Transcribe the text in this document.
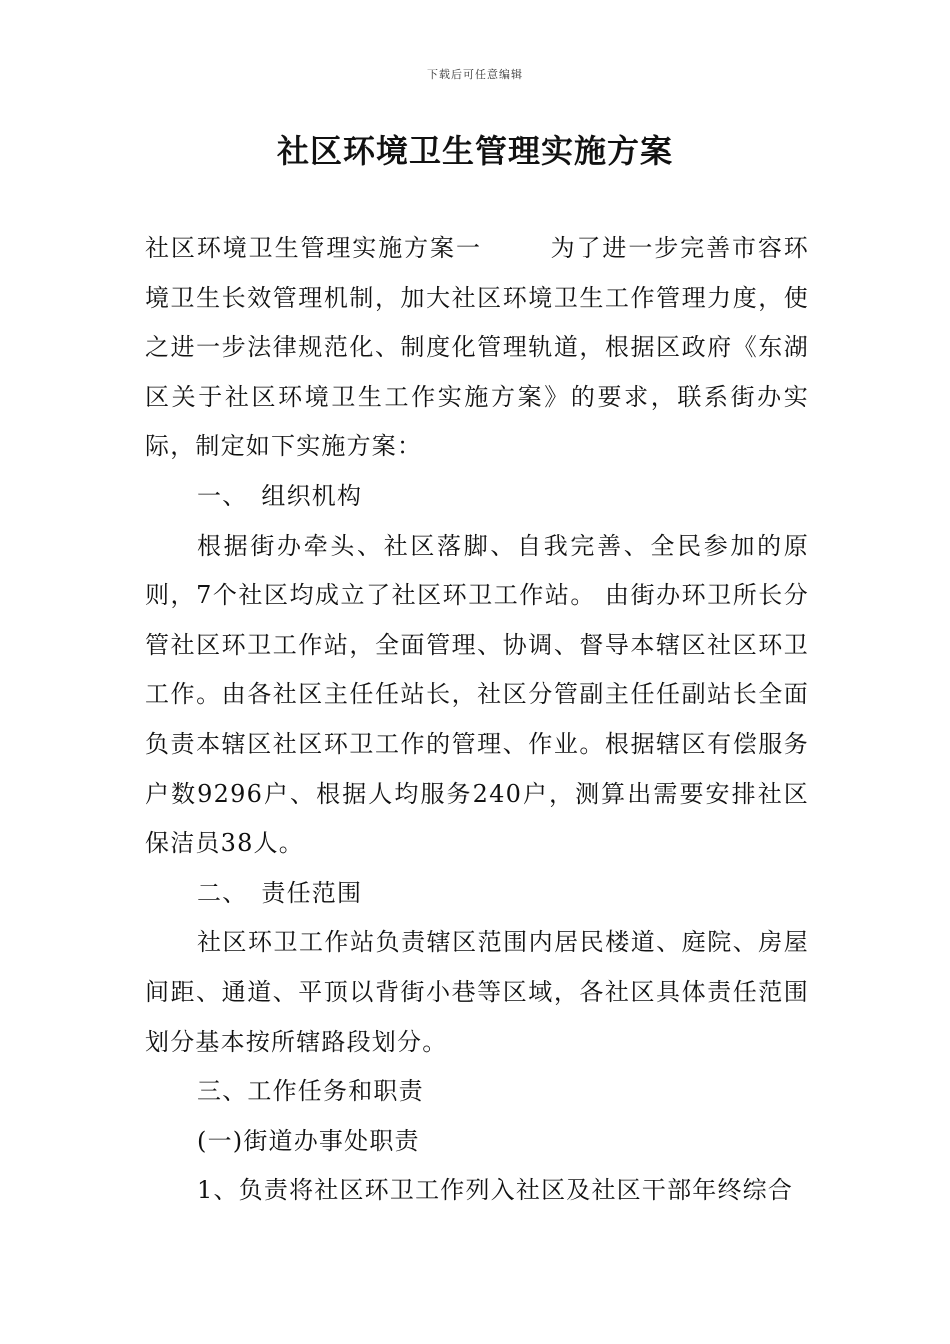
下载后可任意编辑
社区环境卫生管理实施方案

社区环境卫生管理实施方案一	为了进一步完善市容环境卫生长效管理机制，加大社区环境卫生工作管理力度，使之进一步法律规范化、制度化管理轨道，根据区政府《东湖区关于社区环境卫生工作实施方案》的要求，联系街办实际，制定如下实施方案：

一、 组织机构

根据街办牵头、社区落脚、自我完善、全民参加的原则，7个社区均成立了社区环卫工作站。 由街办环卫所长分管社区环卫工作站，全面管理、协调、督导本辖区社区环卫工作。由各社区主任任站长，社区分管副主任任副站长全面负责本辖区社区环卫工作的管理、作业。根据辖区有偿服务户数9296户、根据人均服务240户，测算出需要安排社区保洁员38人。

二、 责任范围

社区环卫工作站负责辖区范围内居民楼道、庭院、房屋间距、通道、平顶以背街小巷等区域，各社区具体责任范围划分基本按所辖路段划分。

三、工作任务和职责

(一)街道办事处职责

1、负责将社区环卫工作列入社区及社区干部年终综合
